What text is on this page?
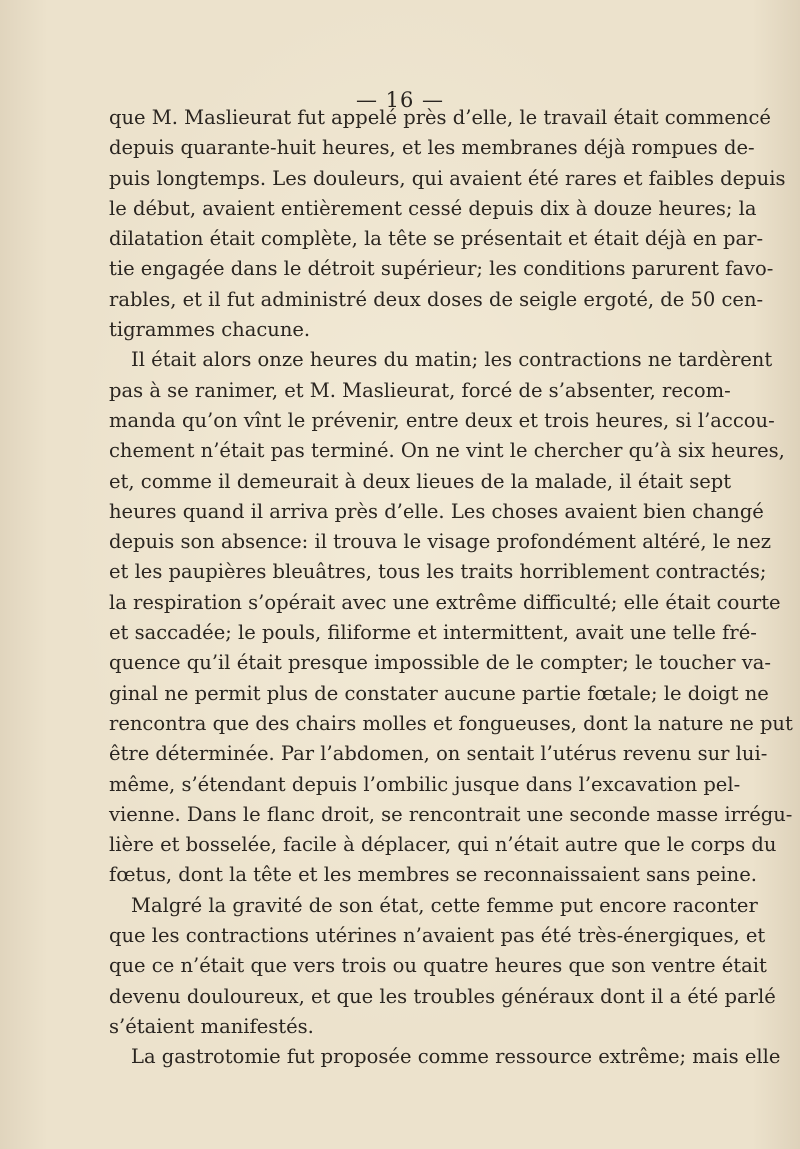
— 16 —
que M. Maslieurat fut appelé près d’elle, le travail était commencé
depuis quarante-huit heures, et les membranes déjà rompues de-
puis longtemps. Les douleurs, qui avaient été rares et faibles depuis
le début, avaient entièrement cessé depuis dix à douze heures; la
dilatation était complète, la tête se présentait et était déjà en par-
tie engagée dans le détroit supérieur; les conditions parurent favo-
rables, et il fut administré deux doses de seigle ergoté, de 50 cen-
tigrammes chacune.
Il était alors onze heures du matin; les contractions ne tardèrent
pas à se ranimer, et M. Maslieurat, forcé de s’absenter, recom-
manda qu’on vînt le prévenir, entre deux et trois heures, si l’accou-
chement n’était pas terminé. On ne vint le chercher qu’à six heures,
et, comme il demeurait à deux lieues de la malade, il était sept
heures quand il arriva près d’elle. Les choses avaient bien changé
depuis son absence: il trouva le visage profondément altéré, le nez
et les paupières bleuâtres, tous les traits horriblement contractés;
la respiration s’opérait avec une extrême difficulté; elle était courte
et saccadée; le pouls, filiforme et intermittent, avait une telle fré-
quence qu’il était presque impossible de le compter; le toucher va-
ginal ne permit plus de constater aucune partie fœtale; le doigt ne
rencontra que des chairs molles et fongueuses, dont la nature ne put
être déterminée. Par l’abdomen, on sentait l’utérus revenu sur lui-
même, s’étendant depuis l’ombilic jusque dans l’excavation pel-
vienne. Dans le flanc droit, se rencontrait une seconde masse irrégu-
lière et bosselée, facile à déplacer, qui n’était autre que le corps du
fœtus, dont la tête et les membres se reconnaissaient sans peine.
Malgré la gravité de son état, cette femme put encore raconter
que les contractions utérines n’avaient pas été très-énergiques, et
que ce n’était que vers trois ou quatre heures que son ventre était
devenu douloureux, et que les troubles généraux dont il a été parlé
s’étaient manifestés.
La gastrotomie fut proposée comme ressource extrême; mais elle
